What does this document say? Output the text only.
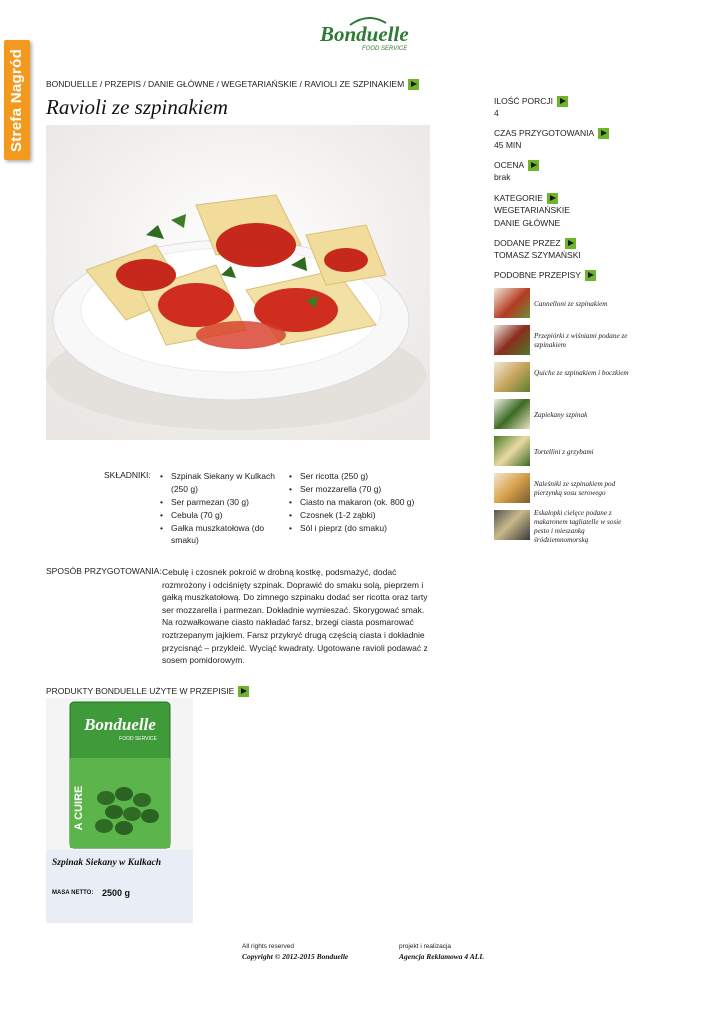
Strefa Nagród
Bonduelle
FOOD SERVICE
BONDUELLE / PRZEPIS / DANIE GŁÓWNE / WEGETARIAŃSKIE / RAVIOLI ZE SZPINAKIEM
Ravioli ze szpinakiem	ILOŚĆ PORCJI
4
CZAS PRZYGOTOWANIA
45 MIN
OCENA
brak
KATEGORIE
WEGETARIAŃSKIE
DANIE GŁÓWNE
DODANE PRZEZ
TOMASZ SZYMAŃSKI
PODOBNE PRZEPISY
Cannelloni ze szpinakiem
Przepiórki z wiśniami podane ze szpinakiem
Quiche ze szpinakiem i boczkiem
Zapiekany szpinak
Tortellini z grzybami
Naleśniki ze szpinakiem pod pierzynką sosu serowego
Eskalopki cielęce podane z makaronem tagliatelle w sosie pesto i mieszanką śródziemnomorską
SKŁADNIKI:
•	Szpinak Siekany w Kulkach (250 g)
• Ser parmezan (30 g)
• Cebula (70 g)
• Gałka muszkatołowa (do smaku)
• Ser ricotta (250 g)
• Ser mozzarella (70 g)
• Ciasto na makaron (ok. 800 g)
• Czosnek (1-2 ząbki)
• Sól i pieprz (do smaku)
SPOSÓB PRZYGOTOWANIA: Cebulę i czosnek pokroić w drobną kostkę, podsmażyć, dodać rozmrożony i odciśnięty szpinak. Doprawić do smaku solą, pieprzem i gałką muszkatołową. Do zimnego szpinaku dodać ser ricotta oraz tarty ser mozzarella i parmezan. Dokładnie wymieszać. Skorygować smak. Na rozwałkowane ciasto nakładać farsz, brzegi ciasta posmarować roztrzepanym jajkiem. Farsz przykryć drugą częścią ciasta i dokładnie przycisnąć – przykleić. Wyciąć kwadraty. Ugotowane ravioli podawać z sosem pomidorowym.
PRODUKTY BONDUELLE UŻYTE W PRZEPISIE
Bonduelle
FOOD SERVICE
A CUIRE
Szpinak Siekany w Kulkach
MASA NETTO: 2500 g
All rights reserved
Copyright © 2012-2015 Bonduelle
projekt i realizacja
Agencja Reklamowa 4 ALL
